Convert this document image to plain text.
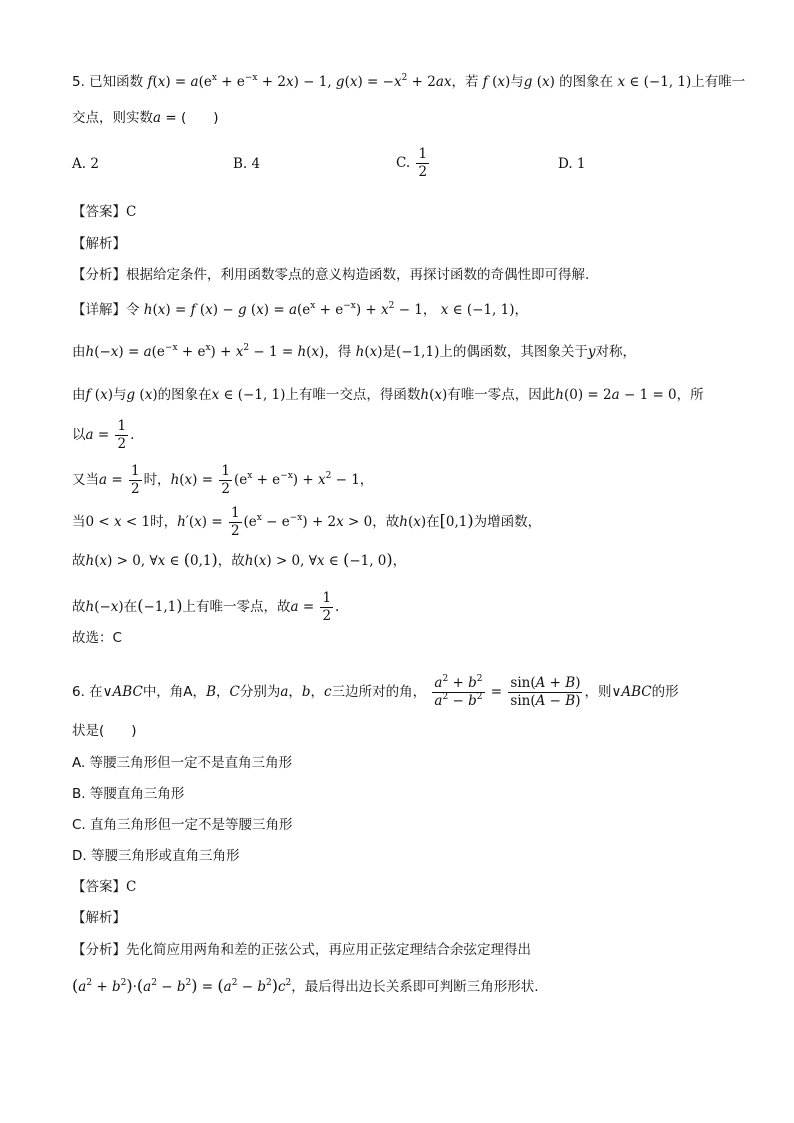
5. 已知函数 $f(x) = a(e^x + e^{-x} + 2x) - 1$, $g(x) = -x^2 + 2ax$，若 f (x)与g (x) 的图象在 x ∈ (−1, 1)上有唯一
交点，则实数a = (　　)
A. 2	B. 4	C. $\frac{1}{2}$	D. 1
【答案】C
【解析】
【分析】根据给定条件，利用函数零点的意义构造函数，再探讨函数的奇偶性即可得解.
【详解】令 h(x) = f (x) − g $(x) = a(e^x + e^{-x}) + x^2 - 1$， x ∈ (−1, 1)，
由$h(-x) = a(e^{-x} + e^x) + x^2 - 1 = h(x)$，得 h(x)是(−1,1)上的偶函数，其图象关于y对称，
由f (x)与g (x)的图象在x ∈ (−1, 1)上有唯一交点，得函数h(x)有唯一零点，因此h(0) = 2a − 1 = 0，所
以$a = \frac{1}{2}$ .
又当$a = \frac{1}{2}$ 时，$h(x) = \frac{1}{2} (e^x + e^{-x}) + x^2 - 1$，
当0 < x < 1时，$h'(x) = \frac{1}{2} (e^x - e^{-x}) + 2x > 0$，故h(x)在[0,1)为增函数，
故h(x) > 0, ∀x ∈ (0,1)，故h(x) > 0, ∀x ∈ (−1, 0)，
故h(−x)在(−1,1)上有唯一零点，故$a = \frac{1}{2}$ .
故选：C
6. 在∨ABC中，角A，B，C分别为a，b，c三边所对的角， $\frac{a^2 + b^2}{a^2 - b^2} = \frac{\sin(A + B)}{\sin(A - B)}$ ，则∨ABC的形
状是(　　)
A. 等腰三角形但一定不是直角三角形
B. 等腰直角三角形
C. 直角三角形但一定不是等腰三角形
D. 等腰三角形或直角三角形
【答案】C
【解析】
【分析】先化简应用两角和差的正弦公式，再应用正弦定理结合余弦定理得出
$(a^2 + b^2)\cdot(a^2 - b^2) = (a^2 - b^2)c^2$，最后得出边长关系即可判断三角形形状.
